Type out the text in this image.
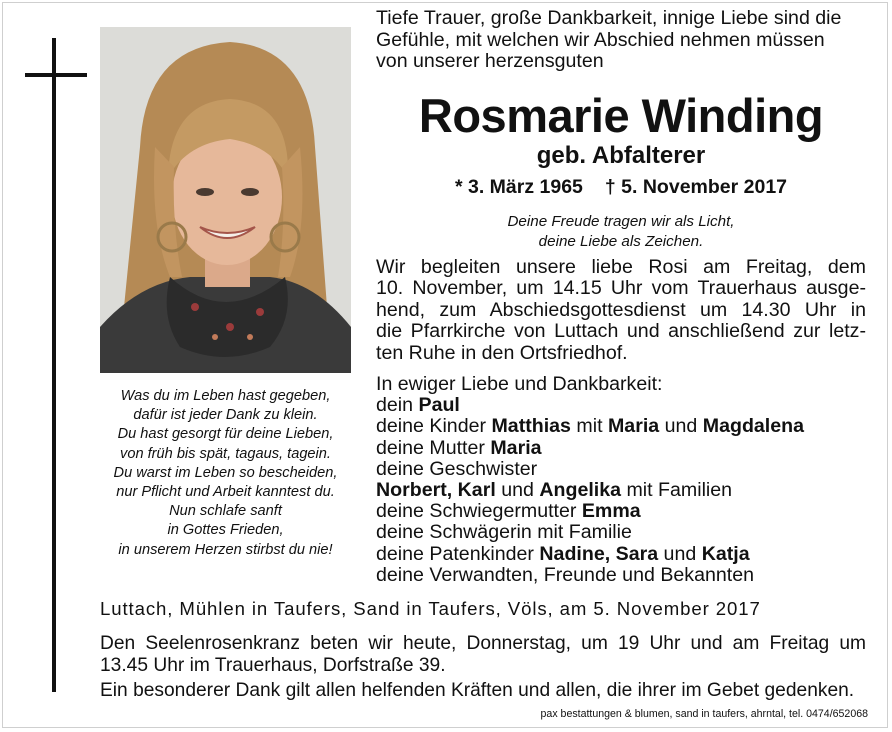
Was du im Leben hast gegeben,
dafür ist jeder Dank zu klein.
Du hast gesorgt für deine Lieben,
von früh bis spät, tagaus, tagein.
Du warst im Leben so bescheiden,
nur Pflicht und Arbeit kanntest du.
Nun schlafe sanft
in Gottes Frieden,
in unserem Herzen stirbst du nie!
Tiefe Trauer, große Dankbarkeit, innige Liebe sind die
Gefühle, mit welchen wir Abschied nehmen müssen
von unserer herzensguten
Rosmarie Winding
geb. Abfalterer
* 3. März 1965 † 5. November 2017
Deine Freude tragen wir als Licht,
deine Liebe als Zeichen.
Wir begleiten unsere liebe Rosi am Freitag, dem
10. November, um 14.15 Uhr vom Trauerhaus ausge-
hend, zum Abschiedsgottesdienst um 14.30 Uhr in
die Pfarrkirche von Luttach und anschließend zur letz-
ten Ruhe in den Ortsfriedhof.
In ewiger Liebe und Dankbarkeit:
dein Paul
deine Kinder Matthias mit Maria und Magdalena
deine Mutter Maria
deine Geschwister
Norbert, Karl und Angelika mit Familien
deine Schwiegermutter Emma
deine Schwägerin mit Familie
deine Patenkinder Nadine, Sara und Katja
deine Verwandten, Freunde und Bekannten
Luttach, Mühlen in Taufers, Sand in Taufers, Völs, am 5. November 2017
Den Seelenrosenkranz beten wir heute, Donnerstag, um 19 Uhr und am Freitag um
13.45 Uhr im Trauerhaus, Dorfstraße 39.
Ein besonderer Dank gilt allen helfenden Kräften und allen, die ihrer im Gebet gedenken.
pax bestattungen & blumen, sand in taufers, ahrntal, tel. 0474/652068
